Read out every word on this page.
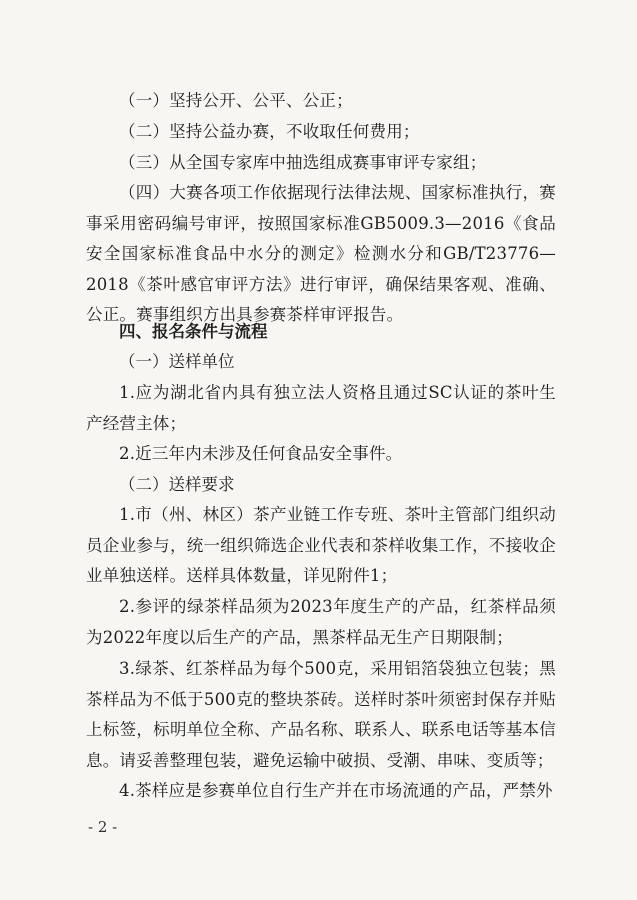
（一）坚持公开、公平、公正；

（二）坚持公益办赛，不收取任何费用；

（三）从全国专家库中抽选组成赛事审评专家组；

（四）大赛各项工作依据现行法律法规、国家标准执行，赛事采用密码编号审评，按照国家标准GB5009.3—2016《食品安全国家标准食品中水分的测定》检测水分和GB/T23776—2018《茶叶感官审评方法》进行审评，确保结果客观、准确、公正。赛事组织方出具参赛茶样审评报告。

四、报名条件与流程

（一）送样单位

1.应为湖北省内具有独立法人资格且通过SC认证的茶叶生产经营主体；

2.近三年内未涉及任何食品安全事件。

（二）送样要求

1.市（州、林区）茶产业链工作专班、茶叶主管部门组织动员企业参与，统一组织筛选企业代表和茶样收集工作，不接收企业单独送样。送样具体数量，详见附件1；

2.参评的绿茶样品须为2023年度生产的产品，红茶样品须为2022年度以后生产的产品，黑茶样品无生产日期限制；

3.绿茶、红茶样品为每个500克，采用铝箔袋独立包装；黑茶样品为不低于500克的整块茶砖。送样时茶叶须密封保存并贴上标签，标明单位全称、产品名称、联系人、联系电话等基本信息。请妥善整理包装，避免运输中破损、受潮、串味、变质等；

4.茶样应是参赛单位自行生产并在市场流通的产品，严禁外

- 2 -
